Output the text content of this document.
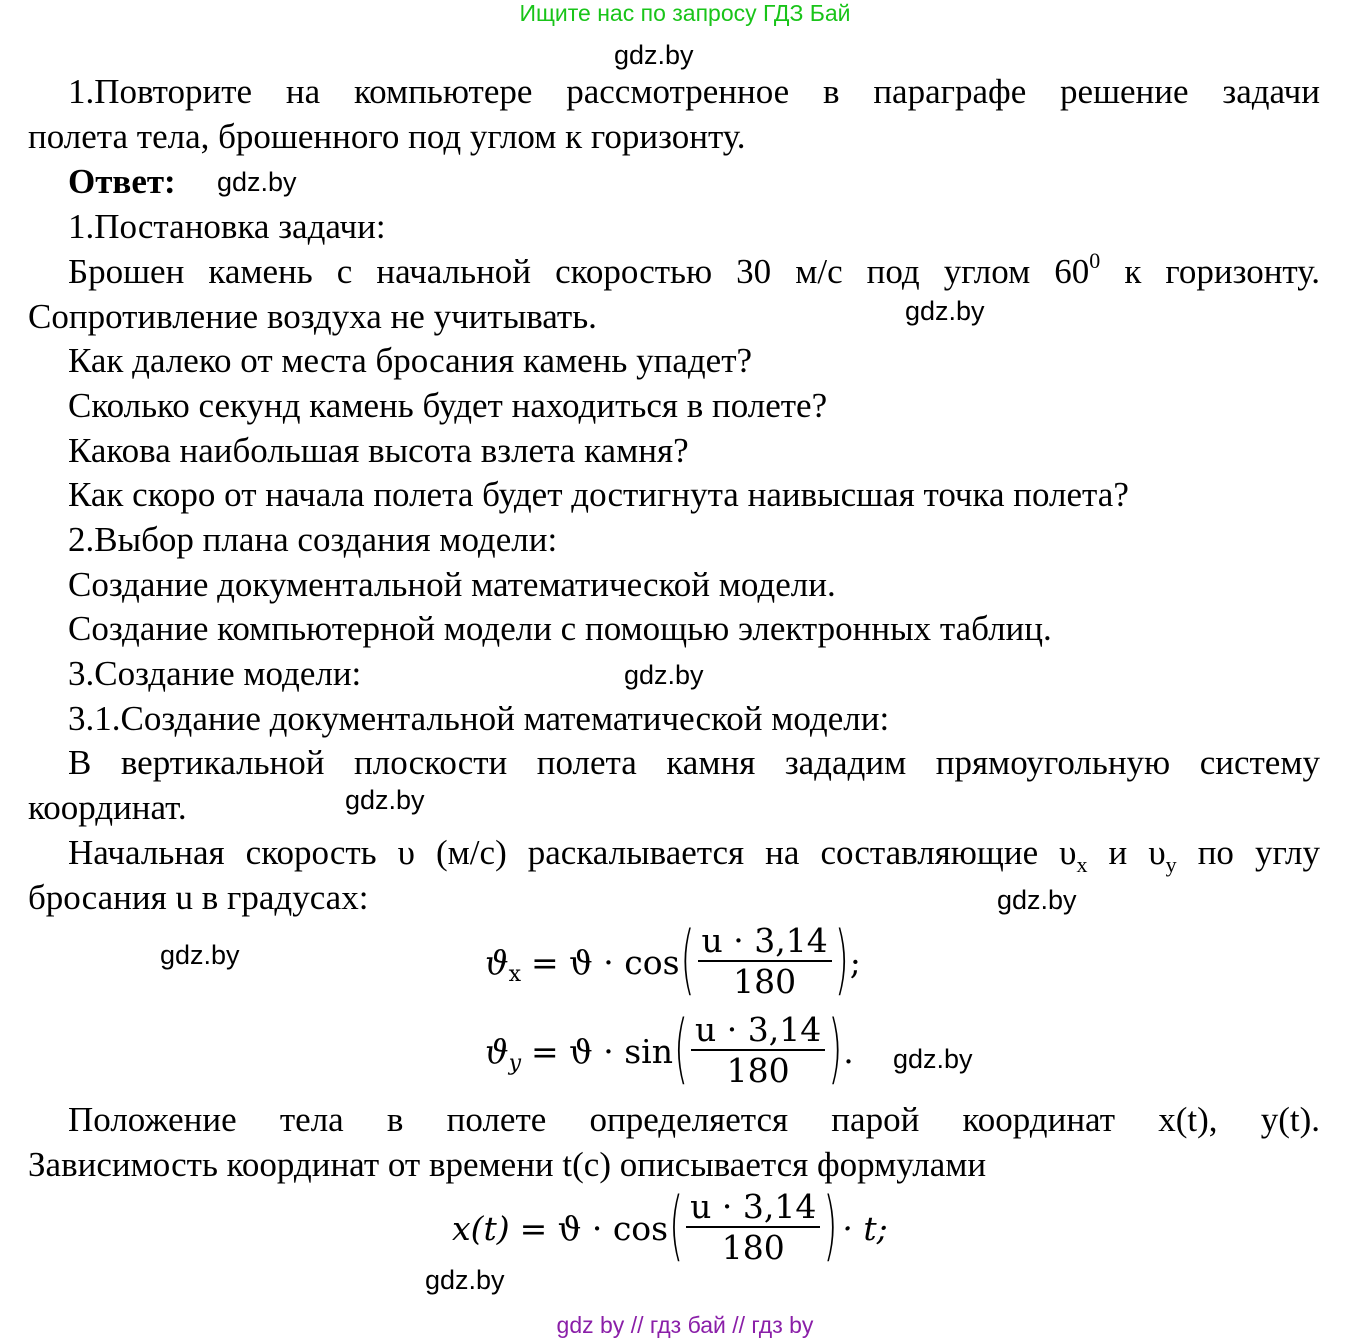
Ищите нас по запросу ГДЗ Бай
gdz.by
gdz.by
gdz.by
gdz.by
gdz.by
gdz.by
gdz.by
gdz.by
gdz.by
1.Повторите на компьютере рассмотренное в параграфе решение задачи
полета тела, брошенного под углом к горизонту.
Ответ:
1.Постановка задачи:
Брошен камень с начальной скоростью 30 м/с под углом $60^0$ к горизонту.
Сопротивление воздуха не учитывать.
Как далеко от места бросания камень упадет?
Сколько секунд камень будет находиться в полете?
Какова наибольшая высота взлета камня?
Как скоро от начала полета будет достигнута наивысшая точка полета?
2.Выбор плана создания модели:
Создание документальной математической модели.
Создание компьютерной модели с помощью электронных таблиц.
3.Создание модели:
3.1.Создание документальной математической модели:
В вертикальной плоскости полета камня зададим прямоугольную систему
координат.
Начальная скорость υ (м/с) раскалывается на составляющие $\upsilon_x$ и $\upsilon_y$ по углу
бросания u в градусах:
ϑ x = ϑ · cos ( $\frac{u \cdot 3,14}{180}$ ) ;
ϑ y = ϑ · sin ( $\frac{u \cdot 3,14}{180}$ ) .
Положение тела в полете определяется парой координат x(t), y(t).
Зависимость координат от времени t(c) описывается формулами
x(t) = ϑ · cos ( $\frac{u \cdot 3,14}{180}$ ) · t;
gdz by // гдз бай // гдз by
